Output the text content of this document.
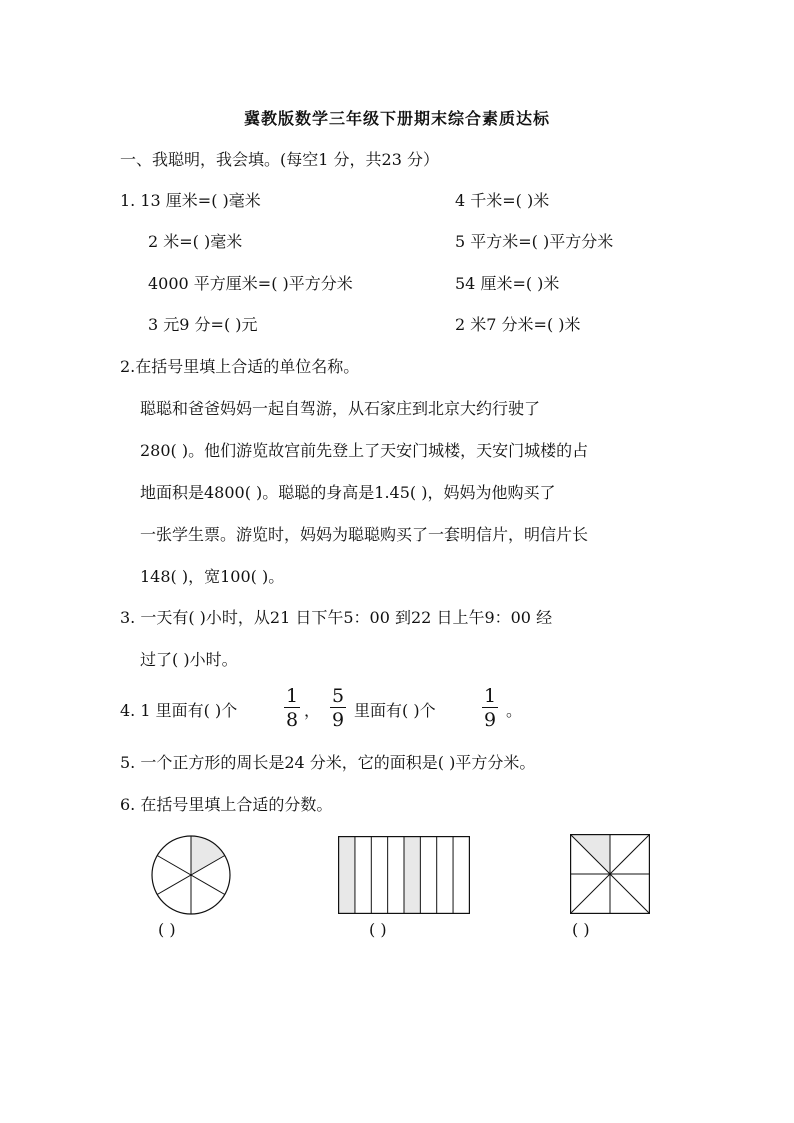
冀教版数学三年级下册期末综合素质达标
一、我聪明，我会填。(每空1 分，共23 分）
1. 13 厘米=( )毫米	4 千米=( )米
2 米=( )毫米	5 平方米=( )平方分米
4000 平方厘米=( )平方分米	54 厘米=( )米
3 元9 分=( )元	2 米7 分米=( )米
2.在括号里填上合适的单位名称。
聪聪和爸爸妈妈一起自驾游，从石家庄到北京大约行驶了
280( )。他们游览故宫前先登上了天安门城楼，天安门城楼的占
地面积是4800( )。聪聪的身高是1.45( )，妈妈为他购买了
一张学生票。游览时，妈妈为聪聪购买了一套明信片，明信片长
148( )，宽100( )。
3. 一天有( )小时，从21 日下午5：00 到22 日上午9：00 经
过了( )小时。
4. 1 里面有( )个
1
8 ，
5
9 里面有( )个
1
9 。
5. 一个正方形的周长是24 分米，它的面积是( )平方分米。
6. 在括号里填上合适的分数。
( )	( )	( )
